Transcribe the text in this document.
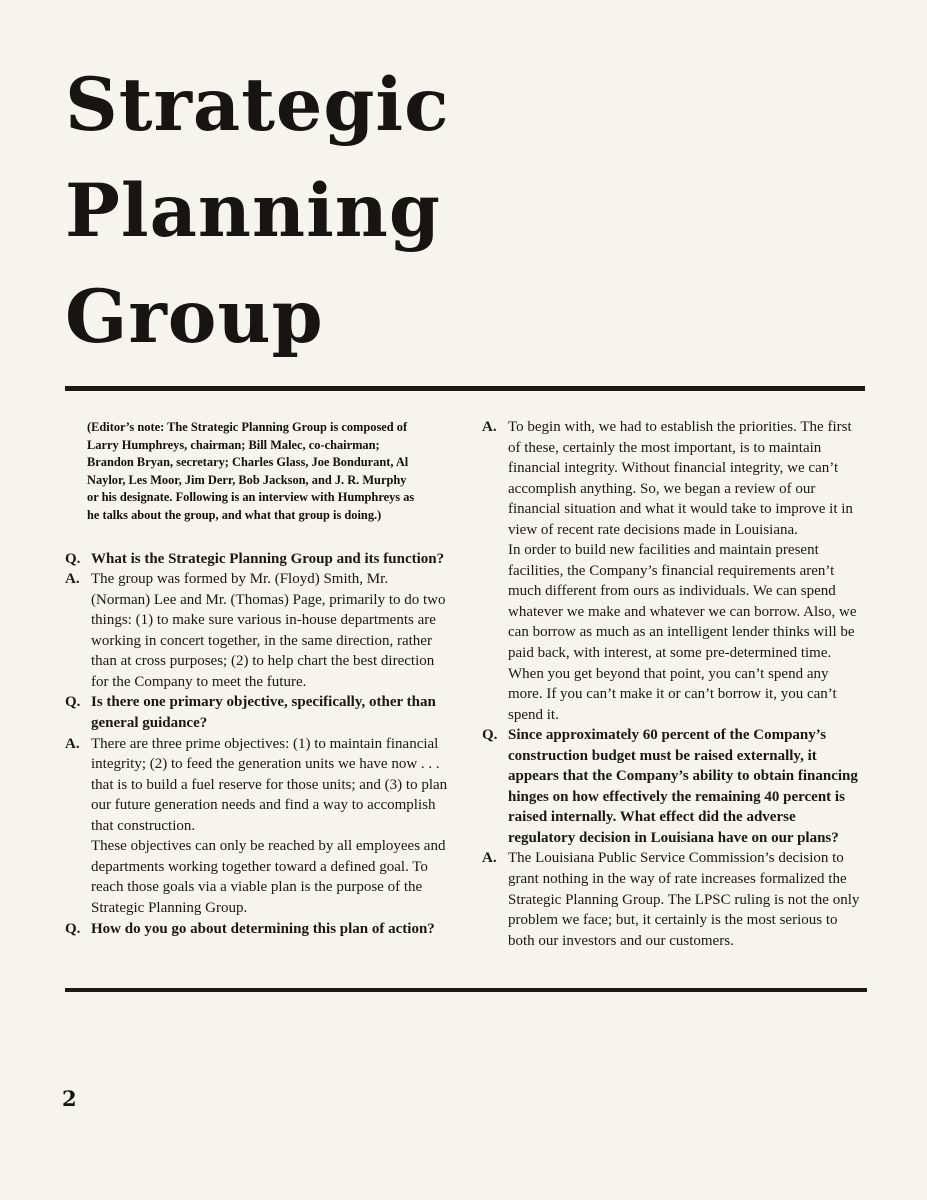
Strategic
Planning
Group

(Editor’s note: The Strategic Planning Group is composed of Larry Humphreys, chairman; Bill Malec, co-chairman; Brandon Bryan, secretary; Charles Glass, Joe Bondurant, Al Naylor, Les Moor, Jim Derr, Bob Jackson, and J. R. Murphy or his designate. Following is an interview with Humphreys as he talks about the group, and what that group is doing.)

Q. What is the Strategic Planning Group and its function?

A. The group was formed by Mr. (Floyd) Smith, Mr. (Norman) Lee and Mr. (Thomas) Page, primarily to do two things: (1) to make sure various in-house departments are working in concert together, in the same direction, rather than at cross purposes; (2) to help chart the best direction for the Company to meet the future.

Q. Is there one primary objective, specifically, other than general guidance?

A. There are three prime objectives: (1) to maintain financial integrity; (2) to feed the generation units we have now . . . that is to build a fuel reserve for those units; and (3) to plan our future generation needs and find a way to accomplish that construction.

These objectives can only be reached by all employees and departments working together toward a defined goal. To reach those goals via a viable plan is the purpose of the Strategic Planning Group.

Q. How do you go about determining this plan of action?

A. To begin with, we had to establish the priorities. The first of these, certainly the most important, is to maintain financial integrity. Without financial integrity, we can’t accomplish anything. So, we began a review of our financial situation and what it would take to improve it in view of recent rate decisions made in Louisiana.

In order to build new facilities and maintain present facilities, the Company’s financial requirements aren’t much different from ours as individuals. We can spend whatever we make and whatever we can borrow. Also, we can borrow as much as an intelligent lender thinks will be paid back, with interest, at some pre-determined time. When you get beyond that point, you can’t spend any more. If you can’t make it or can’t borrow it, you can’t spend it.

Q. Since approximately 60 percent of the Company’s construction budget must be raised externally, it appears that the Company’s ability to obtain financing hinges on how effectively the remaining 40 percent is raised internally. What effect did the adverse regulatory decision in Louisiana have on our plans?

A. The Louisiana Public Service Commission’s decision to grant nothing in the way of rate increases formalized the Strategic Planning Group. The LPSC ruling is not the only problem we face; but, it certainly is the most serious to both our investors and our customers.

2
